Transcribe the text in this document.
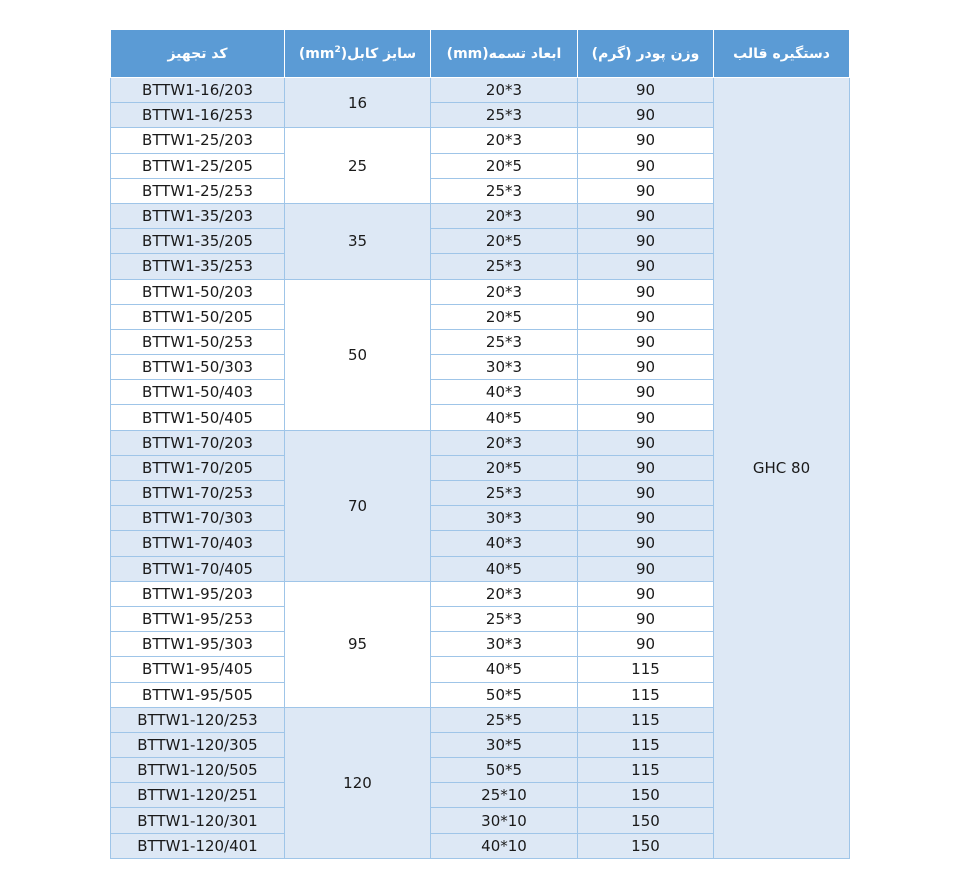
کد تجهیز	سایز $کابل(mm^2)$	ابعاد تسمه(mm)	وزن پودر (گرم)	دستگیره قالب
BTTW1-16/203	16	20*3	90	GHC 80
BTTW1-16/253		25*3	90	
BTTW1-25/203	25	20*3	90	
BTTW1-25/205		20*5	90	
BTTW1-25/253		25*3	90	
BTTW1-35/203	35	20*3	90	
BTTW1-35/205		20*5	90	
BTTW1-35/253		25*3	90	
BTTW1-50/203	50	20*3	90	
BTTW1-50/205		20*5	90	
BTTW1-50/253		25*3	90	
BTTW1-50/303		30*3	90	
BTTW1-50/403		40*3	90	
BTTW1-50/405		40*5	90	
BTTW1-70/203	70	20*3	90	
BTTW1-70/205		20*5	90	
BTTW1-70/253		25*3	90	
BTTW1-70/303		30*3	90	
BTTW1-70/403		40*3	90	
BTTW1-70/405		40*5	90	
BTTW1-95/203	95	20*3	90	
BTTW1-95/253		25*3	90	
BTTW1-95/303		30*3	90	
BTTW1-95/405		40*5	115	
BTTW1-95/505		50*5	115	
BTTW1-120/253	120	25*5	115	
BTTW1-120/305		30*5	115	
BTTW1-120/505		50*5	115	
BTTW1-120/251		25*10	150	
BTTW1-120/301		30*10	150	
BTTW1-120/401		40*10	150	
